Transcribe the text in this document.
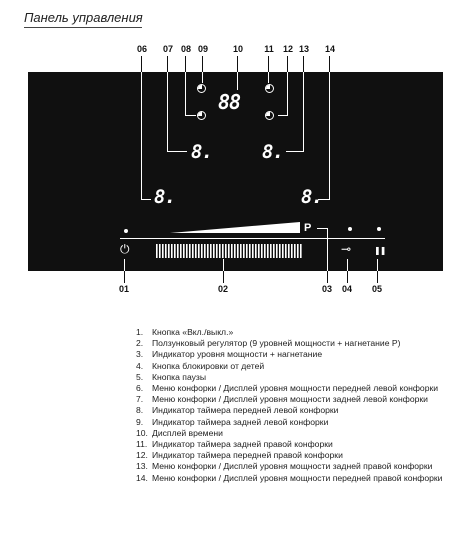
Панель управления
06	07 08 09	10	11	12 13	14
88
8.	8.
8.	8.
P
⏻	⊸	❚❚
01	02	03	04	05
1. Кнопка «Вкл./выкл.»
2. Ползунковый регулятор (9 уровней мощности + нагнетание Р)
3. Индикатор уровня мощности + нагнетание
4. Кнопка блокировки от детей
5. Кнопка паузы
6. Меню конфорки / Дисплей уровня мощности передней левой конфорки
7. Меню конфорки / Дисплей уровня мощности задней левой конфорки
8. Индикатор таймера передней левой конфорки
9. Индикатор таймера задней левой конфорки
10. Дисплей времени
11. Индикатор таймера задней правой конфорки
12. Индикатор таймера передней правой конфорки
13. Меню конфорки / Дисплей уровня мощности задней правой конфорки
14. Меню конфорки / Дисплей уровня мощности передней правой конфорки
